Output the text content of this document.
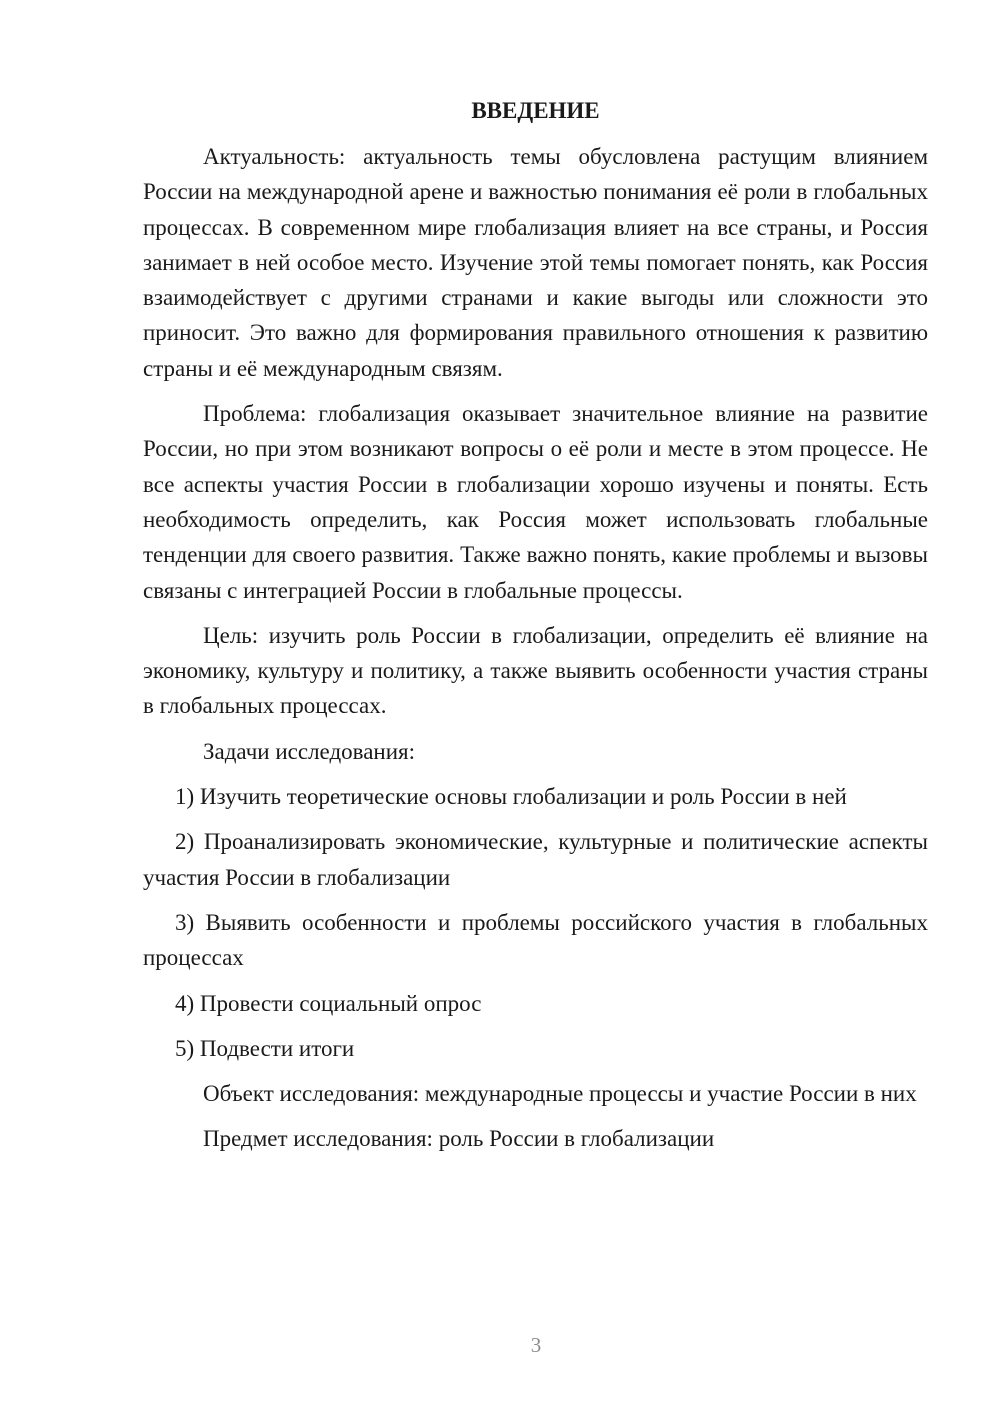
ВВЕДЕНИЕ

Актуальность: актуальность темы обусловлена растущим влиянием России на международной арене и важностью понимания её роли в глобальных процессах. В современном мире глобализация влияет на все страны, и Россия занимает в ней особое место. Изучение этой темы помогает понять, как Россия взаимодействует с другими странами и какие выгоды или сложности это приносит. Это важно для формирования правильного отношения к развитию страны и её международным связям.

Проблема: глобализация оказывает значительное влияние на развитие России, но при этом возникают вопросы о её роли и месте в этом процессе. Не все аспекты участия России в глобализации хорошо изучены и поняты. Есть необходимость определить, как Россия может использовать глобальные тенденции для своего развития. Также важно понять, какие проблемы и вызовы связаны с интеграцией России в глобальные процессы.

Цель: изучить роль России в глобализации, определить её влияние на экономику, культуру и политику, а также выявить особенности участия страны в глобальных процессах.

Задачи исследования:

1) Изучить теоретические основы глобализации и роль России в ней

2) Проанализировать экономические, культурные и политические аспекты участия России в глобализации

3) Выявить особенности и проблемы российского участия в глобальных процессах

4) Провести социальный опрос

5) Подвести итоги

Объект исследования: международные процессы и участие России в них

Предмет исследования: роль России в глобализации

3
